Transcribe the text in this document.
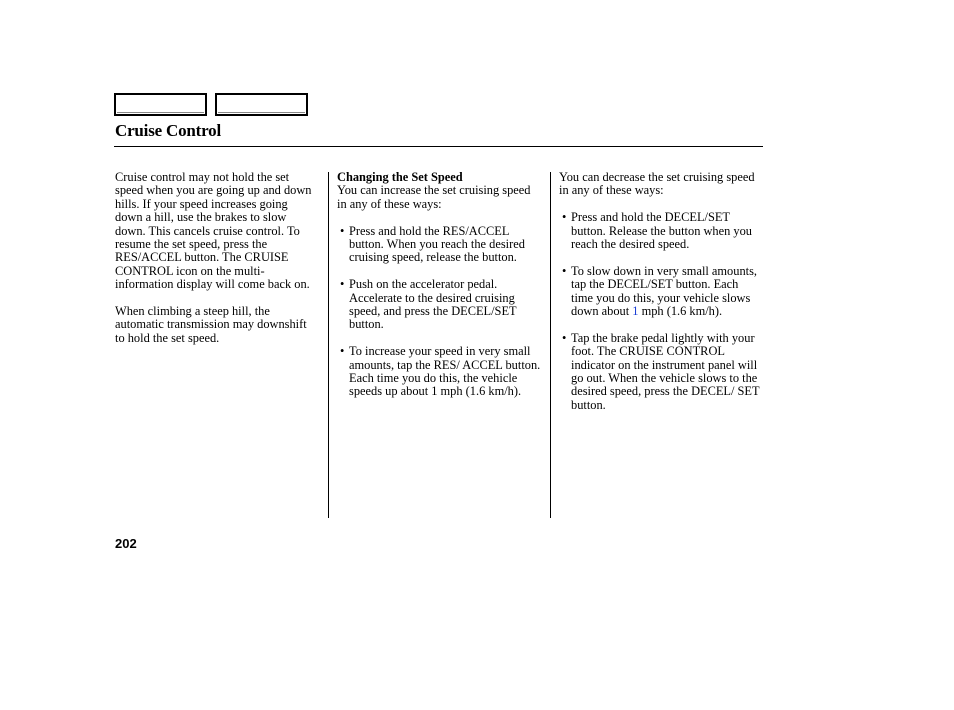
Cruise Control

Cruise control may not hold the set speed when you are going up and down hills. If your speed increases going down a hill, use the brakes to slow down. This cancels cruise control. To resume the set speed, press the RES/ACCEL button. The CRUISE CONTROL icon on the multi-information display will come back on.

When climbing a steep hill, the automatic transmission may downshift to hold the set speed.

Changing the Set Speed
You can increase the set cruising speed in any of these ways:
• Press and hold the RES/ACCEL button. When you reach the desired cruising speed, release the button.
• Push on the accelerator pedal. Accelerate to the desired cruising speed, and press the DECEL/SET button.
• To increase your speed in very small amounts, tap the RES/ ACCEL button. Each time you do this, the vehicle speeds up about 1 mph (1.6 km/h).
You can decrease the set cruising speed in any of these ways:
• Press and hold the DECEL/SET button. Release the button when you reach the desired speed.
• To slow down in very small amounts, tap the DECEL/SET button. Each time you do this, your vehicle slows down about 1 mph (1.6 km/h).
• Tap the brake pedal lightly with your foot. The CRUISE CONTROL indicator on the instrument panel will go out. When the vehicle slows to the desired speed, press the DECEL/ SET button.
202
